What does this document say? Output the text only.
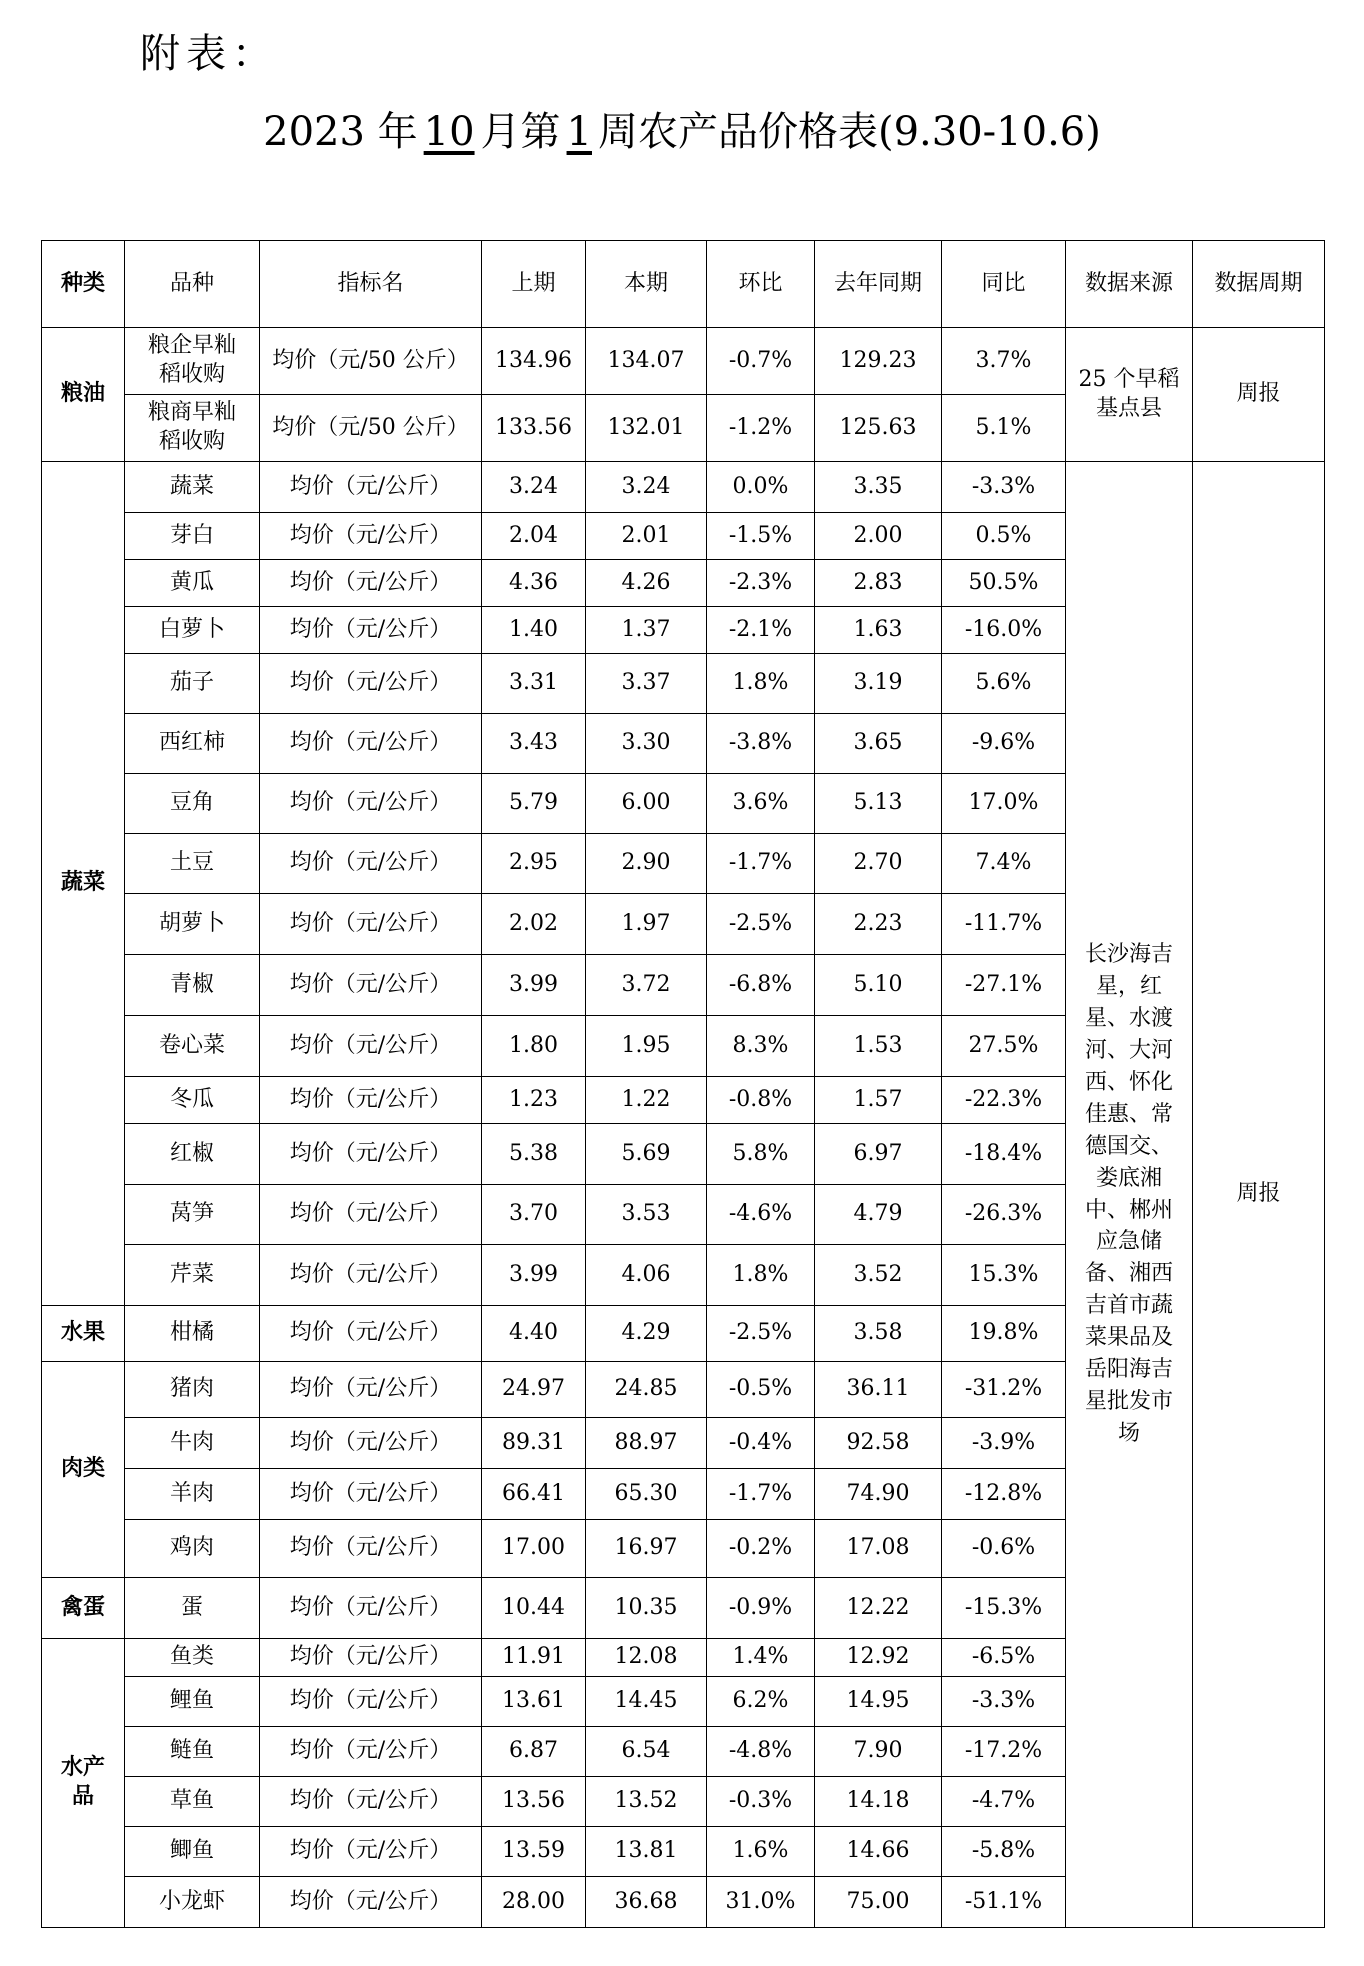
附表：
2023 年 10 月第 1 周农产品价格表(9.30-10.6)
种类	品种	指标名	上期	本期	环比	去年同期	同比	数据来源	数据周期
粮油	粮企早籼稻收购	均价（元/50 公斤）	134.96	134.07	-0.7%	129.23	3.7%	25 个早稻基点县	周报
	粮商早籼稻收购	均价（元/50 公斤）	133.56	132.01	-1.2%	125.63	5.1%		
蔬菜	蔬菜	均价（元/公斤）	3.24	3.24	0.0%	3.35	-3.3%	长沙海吉星，红星、水渡河、大河西、怀化佳惠、常德国交、娄底湘中、郴州应急储备、湘西吉首市蔬菜果品及岳阳海吉星批发市场	周报
	芽白	均价（元/公斤）	2.04	2.01	-1.5%	2.00	0.5%		
	黄瓜	均价（元/公斤）	4.36	4.26	-2.3%	2.83	50.5%		
	白萝卜	均价（元/公斤）	1.40	1.37	-2.1%	1.63	-16.0%		
	茄子	均价（元/公斤）	3.31	3.37	1.8%	3.19	5.6%		
	西红柿	均价（元/公斤）	3.43	3.30	-3.8%	3.65	-9.6%		
	豆角	均价（元/公斤）	5.79	6.00	3.6%	5.13	17.0%		
	土豆	均价（元/公斤）	2.95	2.90	-1.7%	2.70	7.4%		
	胡萝卜	均价（元/公斤）	2.02	1.97	-2.5%	2.23	-11.7%		
	青椒	均价（元/公斤）	3.99	3.72	-6.8%	5.10	-27.1%		
	卷心菜	均价（元/公斤）	1.80	1.95	8.3%	1.53	27.5%		
	冬瓜	均价（元/公斤）	1.23	1.22	-0.8%	1.57	-22.3%		
	红椒	均价（元/公斤）	5.38	5.69	5.8%	6.97	-18.4%		
	莴笋	均价（元/公斤）	3.70	3.53	-4.6%	4.79	-26.3%		
	芹菜	均价（元/公斤）	3.99	4.06	1.8%	3.52	15.3%		
水果	柑橘	均价（元/公斤）	4.40	4.29	-2.5%	3.58	19.8%		
肉类	猪肉	均价（元/公斤）	24.97	24.85	-0.5%	36.11	-31.2%		
	牛肉	均价（元/公斤）	89.31	88.97	-0.4%	92.58	-3.9%		
	羊肉	均价（元/公斤）	66.41	65.30	-1.7%	74.90	-12.8%		
	鸡肉	均价（元/公斤）	17.00	16.97	-0.2%	17.08	-0.6%		
禽蛋	蛋	均价（元/公斤）	10.44	10.35	-0.9%	12.22	-15.3%		
水产品	鱼类	均价（元/公斤）	11.91	12.08	1.4%	12.92	-6.5%		
	鲤鱼	均价（元/公斤）	13.61	14.45	6.2%	14.95	-3.3%		
	鲢鱼	均价（元/公斤）	6.87	6.54	-4.8%	7.90	-17.2%		
	草鱼	均价（元/公斤）	13.56	13.52	-0.3%	14.18	-4.7%		
	鲫鱼	均价（元/公斤）	13.59	13.81	1.6%	14.66	-5.8%		
	小龙虾	均价（元/公斤）	28.00	36.68	31.0%	75.00	-51.1%		
